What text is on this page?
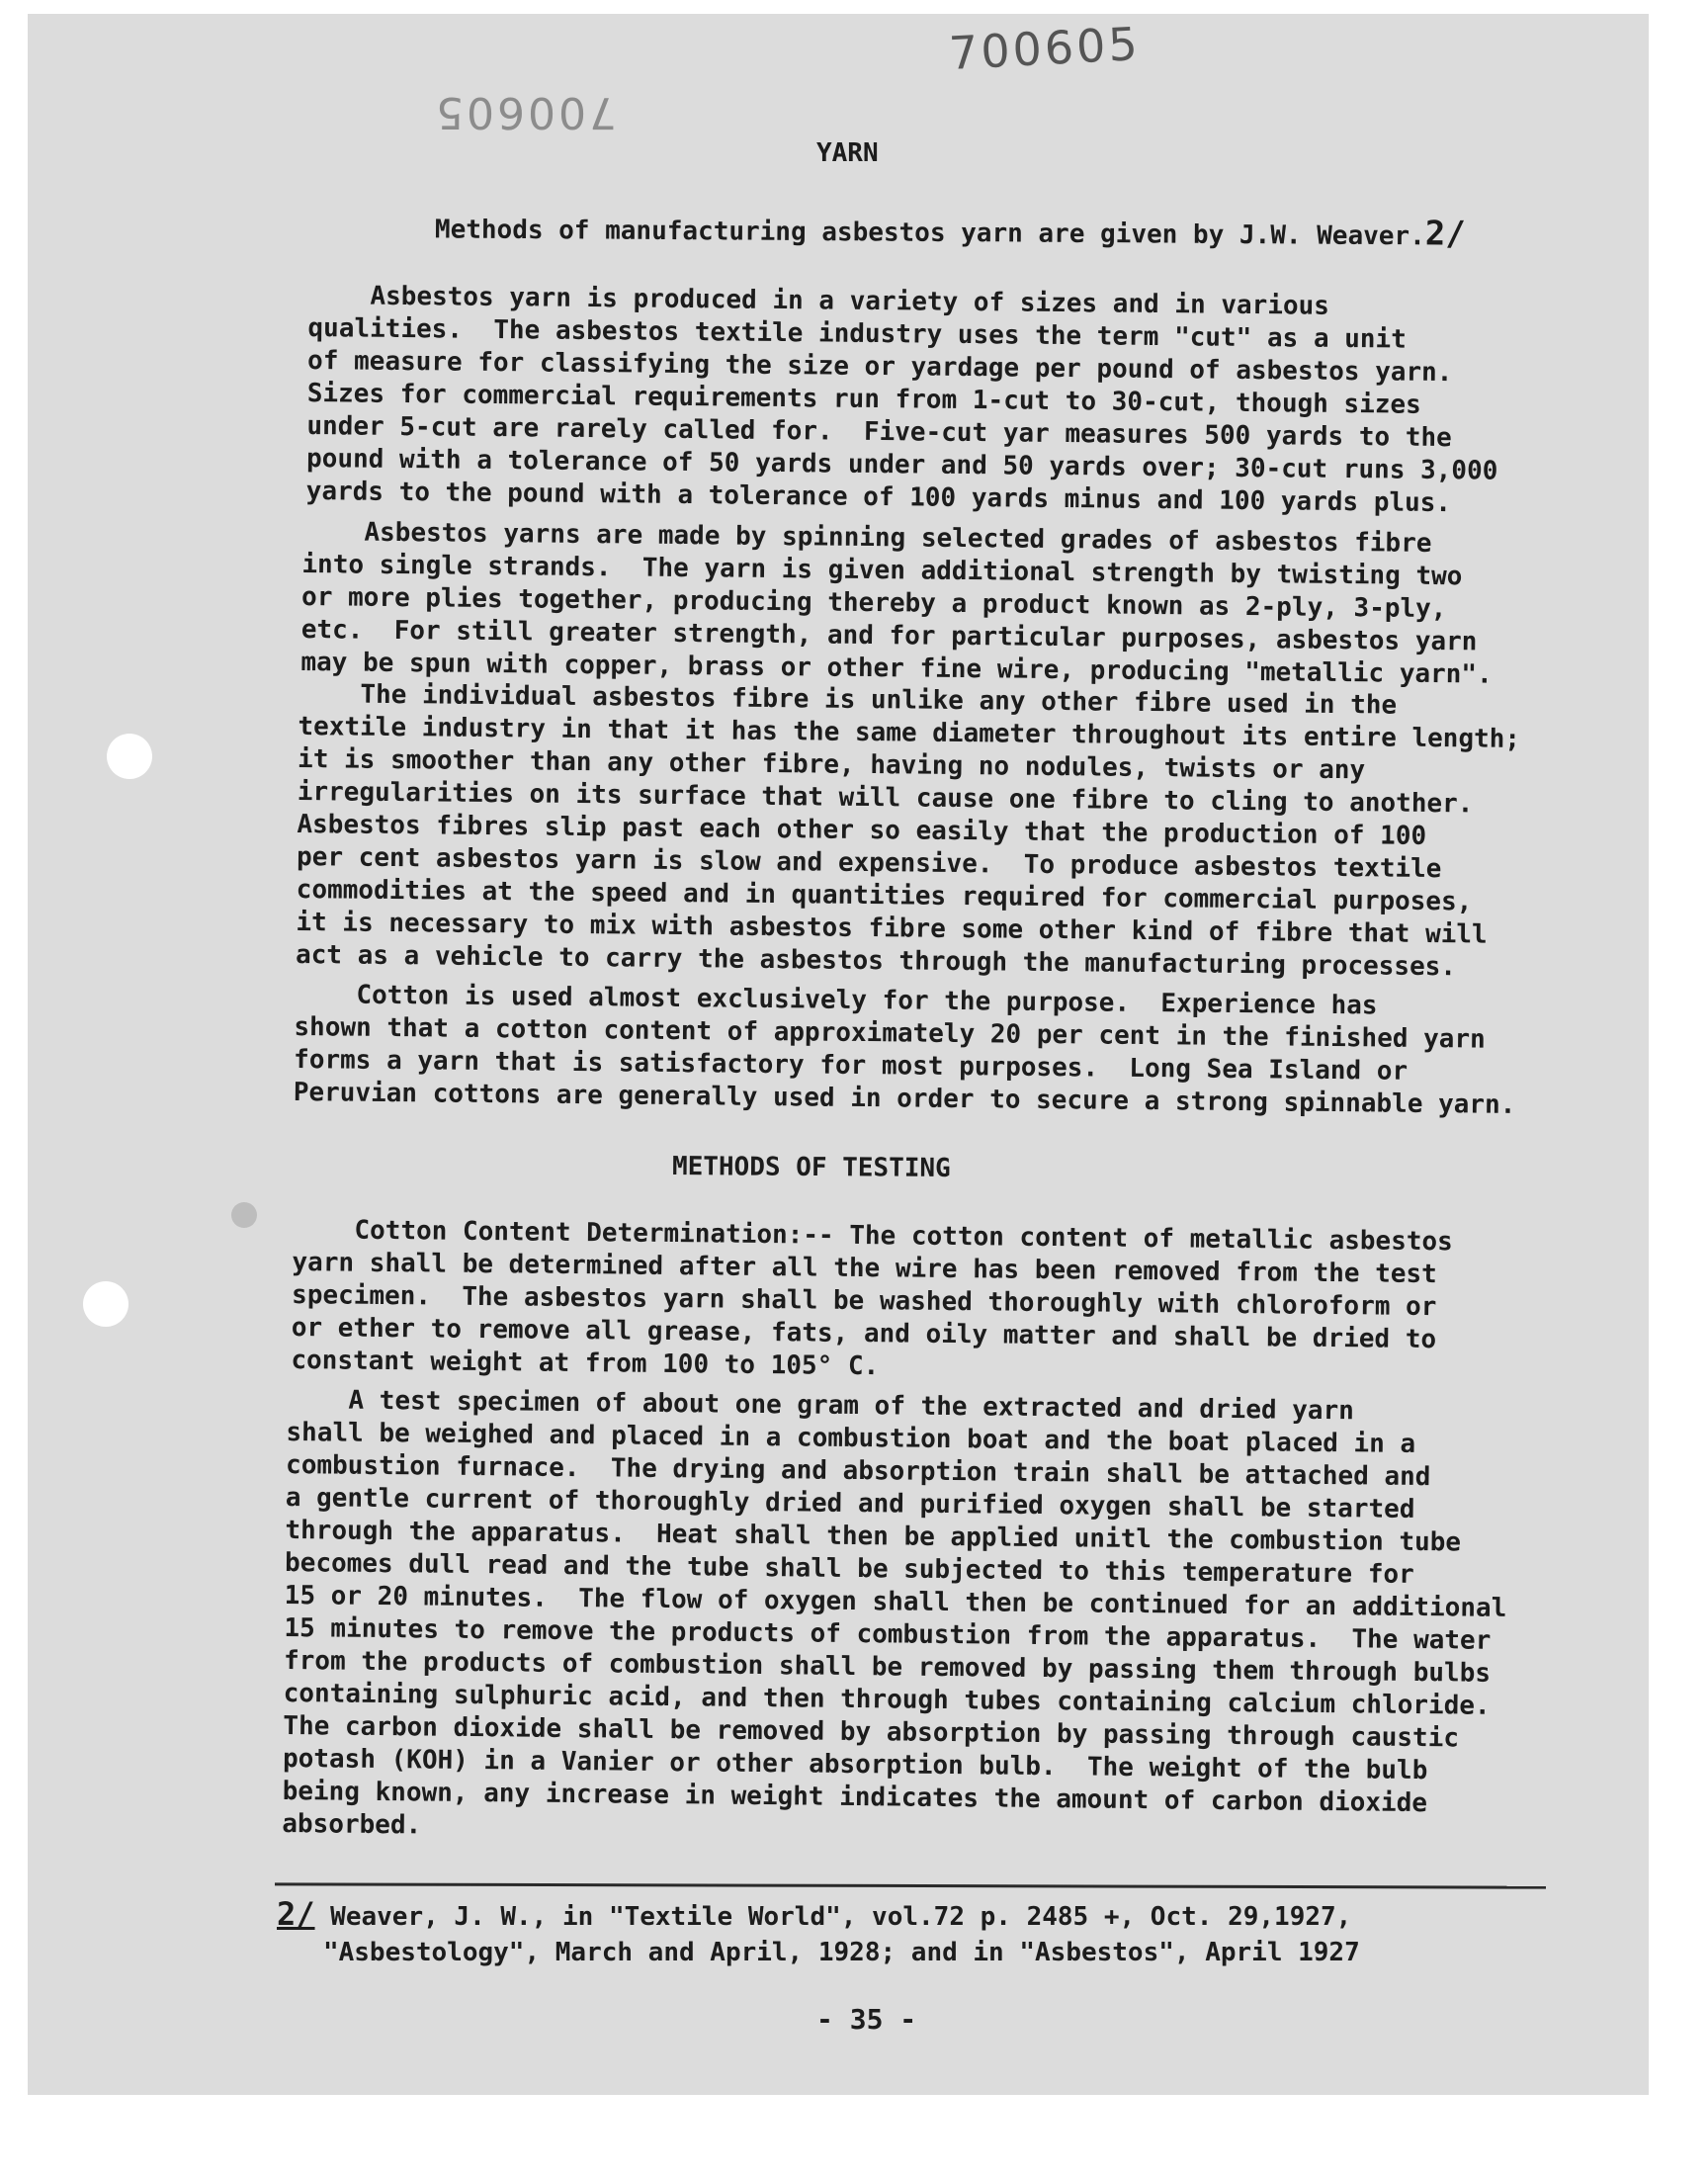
700605
700605
YARN
Methods of manufacturing asbestos yarn are given by J.W. Weaver.2/
Asbestos yarn is produced in a variety of sizes and in various
qualities.  The asbestos textile industry uses the term "cut" as a unit
of measure for classifying the size or yardage per pound of asbestos yarn.
Sizes for commercial requirements run from 1-cut to 30-cut, though sizes
under 5-cut are rarely called for.  Five-cut yar measures 500 yards to the
pound with a tolerance of 50 yards under and 50 yards over; 30-cut runs 3,000
yards to the pound with a tolerance of 100 yards minus and 100 yards plus.
Asbestos yarns are made by spinning selected grades of asbestos fibre
into single strands.  The yarn is given additional strength by twisting two
or more plies together, producing thereby a product known as 2-ply, 3-ply,
etc.  For still greater strength, and for particular purposes, asbestos yarn
may be spun with copper, brass or other fine wire, producing "metallic yarn".
The individual asbestos fibre is unlike any other fibre used in the
textile industry in that it has the same diameter throughout its entire length;
it is smoother than any other fibre, having no nodules, twists or any
irregularities on its surface that will cause one fibre to cling to another.
Asbestos fibres slip past each other so easily that the production of 100
per cent asbestos yarn is slow and expensive.  To produce asbestos textile
commodities at the speed and in quantities required for commercial purposes,
it is necessary to mix with asbestos fibre some other kind of fibre that will
act as a vehicle to carry the asbestos through the manufacturing processes.
Cotton is used almost exclusively for the purpose.  Experience has
shown that a cotton content of approximately 20 per cent in the finished yarn
forms a yarn that is satisfactory for most purposes.  Long Sea Island or
Peruvian cottons are generally used in order to secure a strong spinnable yarn.
METHODS OF TESTING
Cotton Content Determination:-- The cotton content of metallic asbestos
yarn shall be determined after all the wire has been removed from the test
specimen.  The asbestos yarn shall be washed thoroughly with chloroform or
or ether to remove all grease, fats, and oily matter and shall be dried to
constant weight at from 100 to 105° C.
A test specimen of about one gram of the extracted and dried yarn
shall be weighed and placed in a combustion boat and the boat placed in a
combustion furnace.  The drying and absorption train shall be attached and
a gentle current of thoroughly dried and purified oxygen shall be started
through the apparatus.  Heat shall then be applied unitl the combustion tube
becomes dull read and the tube shall be subjected to this temperature for
15 or 20 minutes.  The flow of oxygen shall then be continued for an additional
15 minutes to remove the products of combustion from the apparatus.  The water
from the products of combustion shall be removed by passing them through bulbs
containing sulphuric acid, and then through tubes containing calcium chloride.
The carbon dioxide shall be removed by absorption by passing through caustic
potash (KOH) in a Vanier or other absorption bulb.  The weight of the bulb
being known, any increase in weight indicates the amount of carbon dioxide
absorbed.
2/ Weaver, J. W., in "Textile World", vol.72 p. 2485 +, Oct. 29,1927,
"Asbestology", March and April, 1928; and in "Asbestos", April 1927
- 35 -
